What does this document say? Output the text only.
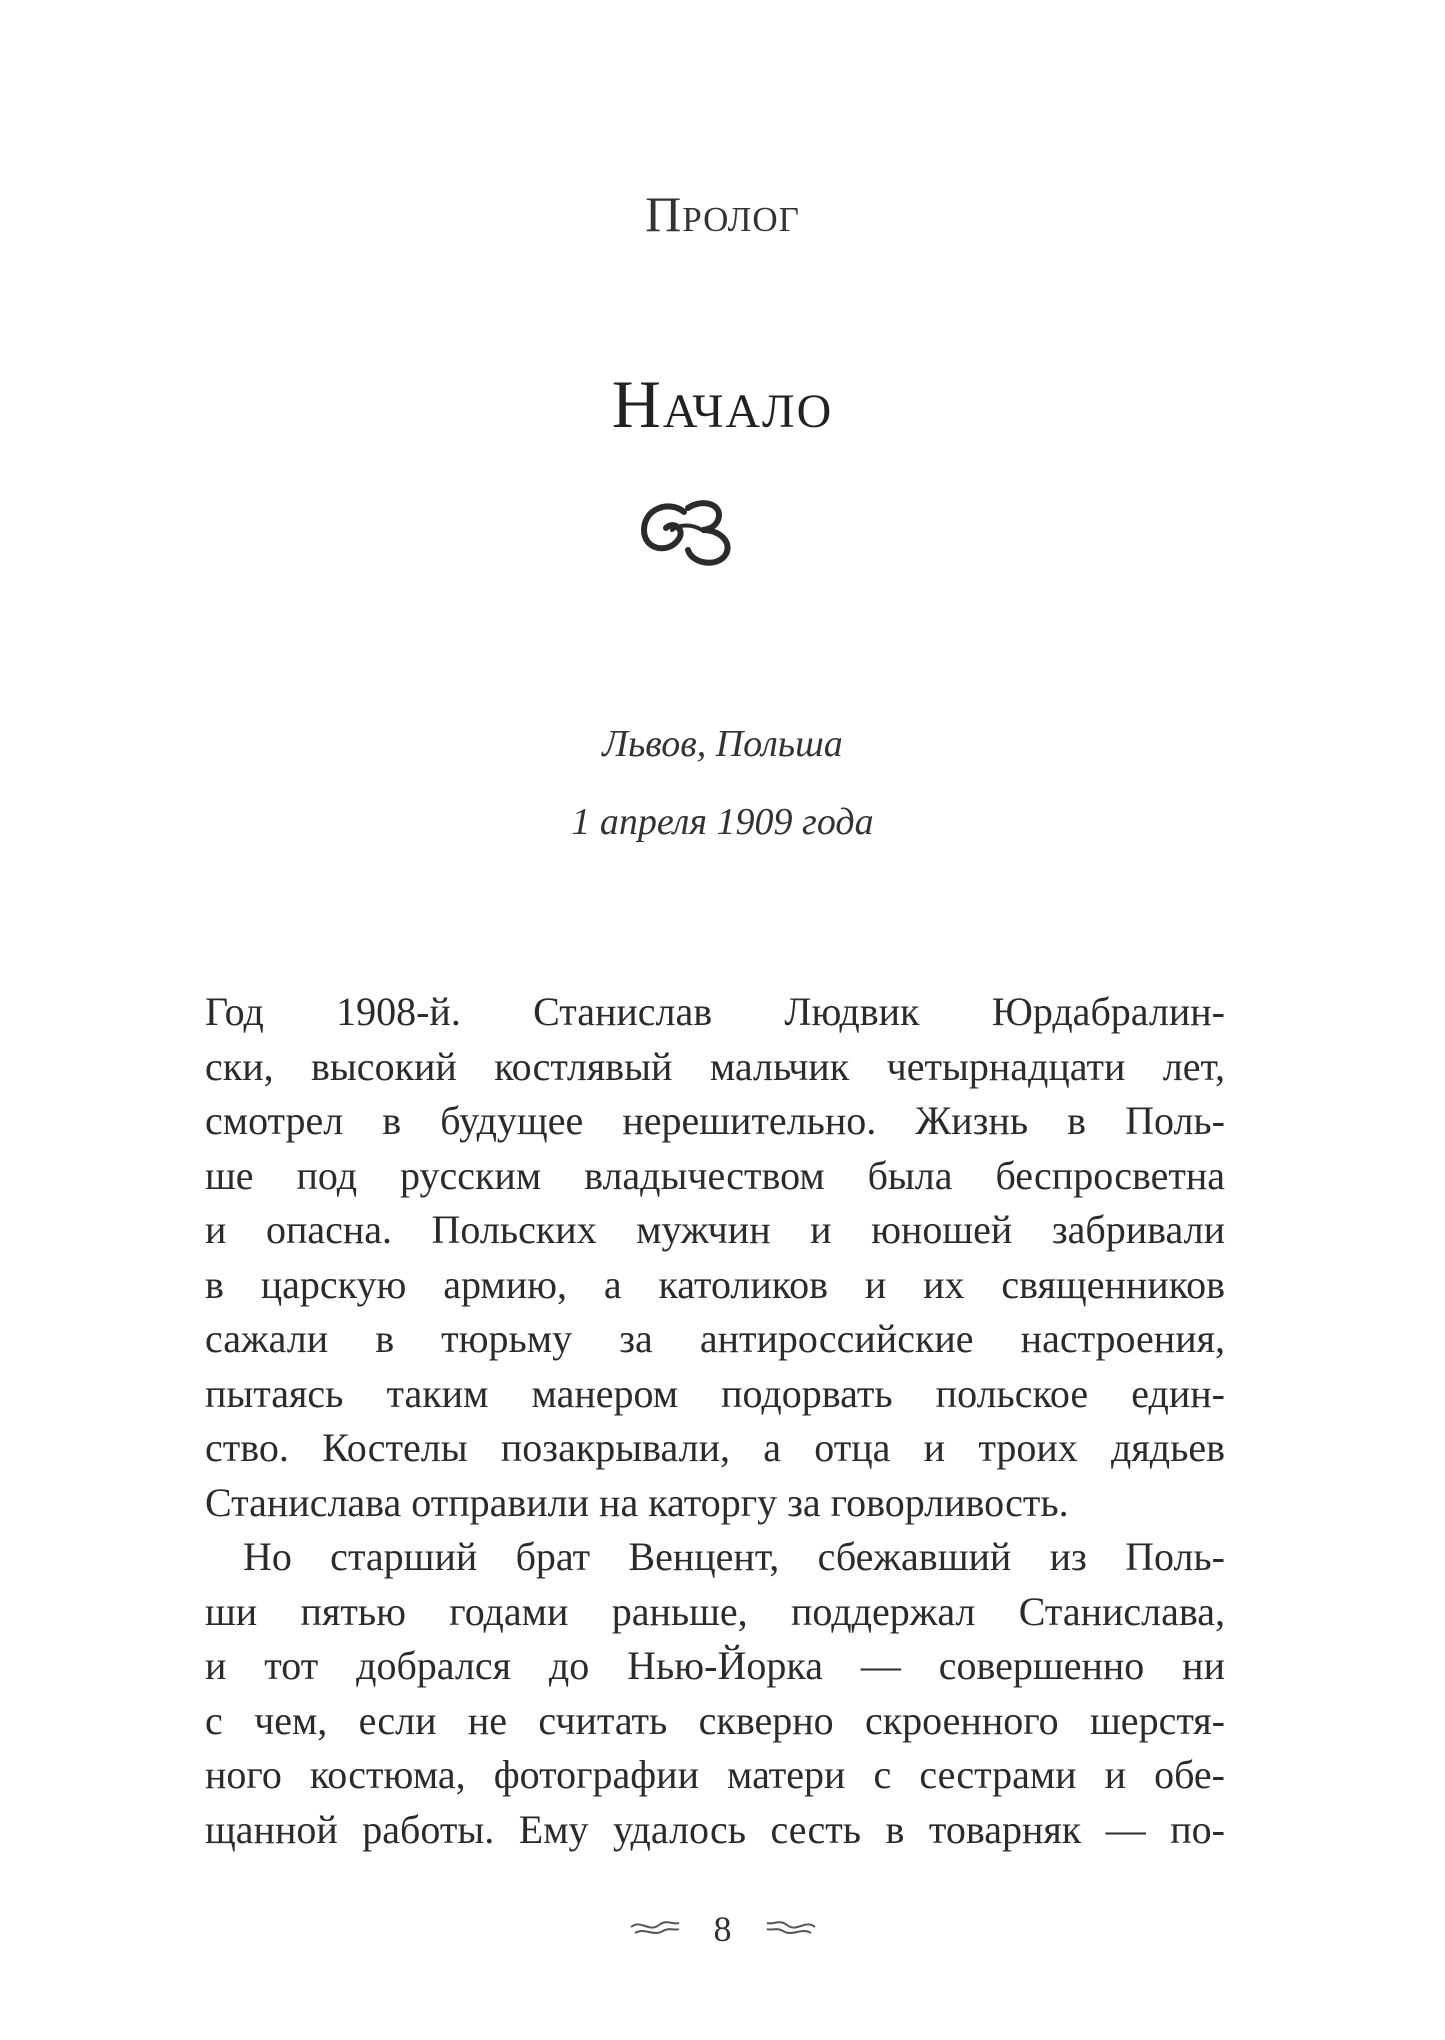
Пролог
Начало
Львов, Польша
1 апреля 1909 года
Год 1908-й. Станислав Людвик Юрдабралин-
ски, высокий костлявый мальчик четырнадцати лет,
смотрел в будущее нерешительно. Жизнь в Поль-
ше под русским владычеством была беспросветна
и опасна. Польских мужчин и юношей забривали
в царскую армию, а католиков и их священников
сажали в тюрьму за антироссийские настроения,
пытаясь таким манером подорвать польское един-
ство. Костелы позакрывали, а отца и троих дядьев
Станислава отправили на каторгу за говорливость.
Но старший брат Венцент, сбежавший из Поль-
ши пятью годами раньше, поддержал Станислава,
и тот добрался до Нью-Йорка — совершенно ни
с чем, если не считать скверно скроенного шерстя-
ного костюма, фотографии матери с сестрами и обе-
щанной работы. Ему удалось сесть в товарняк — по-
8
